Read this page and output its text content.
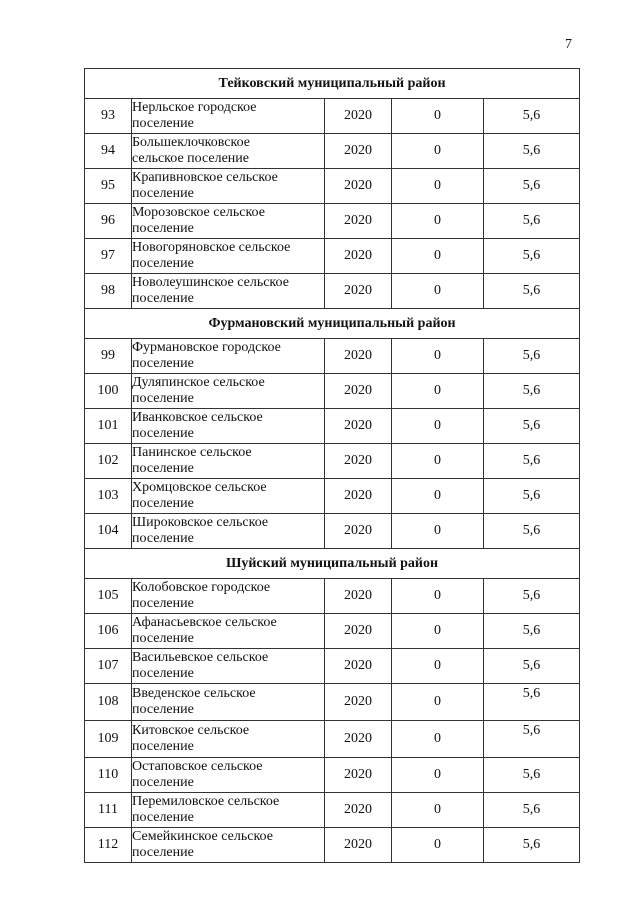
7
Тейковский муниципальный район				
93	Нерльское городское
поселение	2020	0	5,6
94	Большеклочковское
сельское поселение	2020	0	5,6
95	Крапивновское сельское
поселение	2020	0	5,6
96	Морозовское сельское
поселение	2020	0	5,6
97	Новогоряновское сельское
поселение	2020	0	5,6
98	Новолеушинское сельское
поселение	2020	0	5,6
Фурмановский муниципальный район				
99	Фурмановское городское
поселение	2020	0	5,6
100	Дуляпинское сельское
поселение	2020	0	5,6
101	Иванковское сельское
поселение	2020	0	5,6
102	Панинское сельское
поселение	2020	0	5,6
103	Хромцовское сельское
поселение	2020	0	5,6
104	Широковское сельское
поселение	2020	0	5,6
Шуйский муниципальный район				
105	Колобовское городское
поселение	2020	0	5,6
106	Афанасьевское сельское
поселение	2020	0	5,6
107	Васильевское сельское
поселение	2020	0	5,6
108	Введенское сельское
поселение	2020	0	5,6
109	Китовское сельское
поселение	2020	0	5,6
110	Остаповское сельское
поселение	2020	0	5,6
111	Перемиловское сельское
поселение	2020	0	5,6
112	Семейкинское сельское
поселение	2020	0	5,6
